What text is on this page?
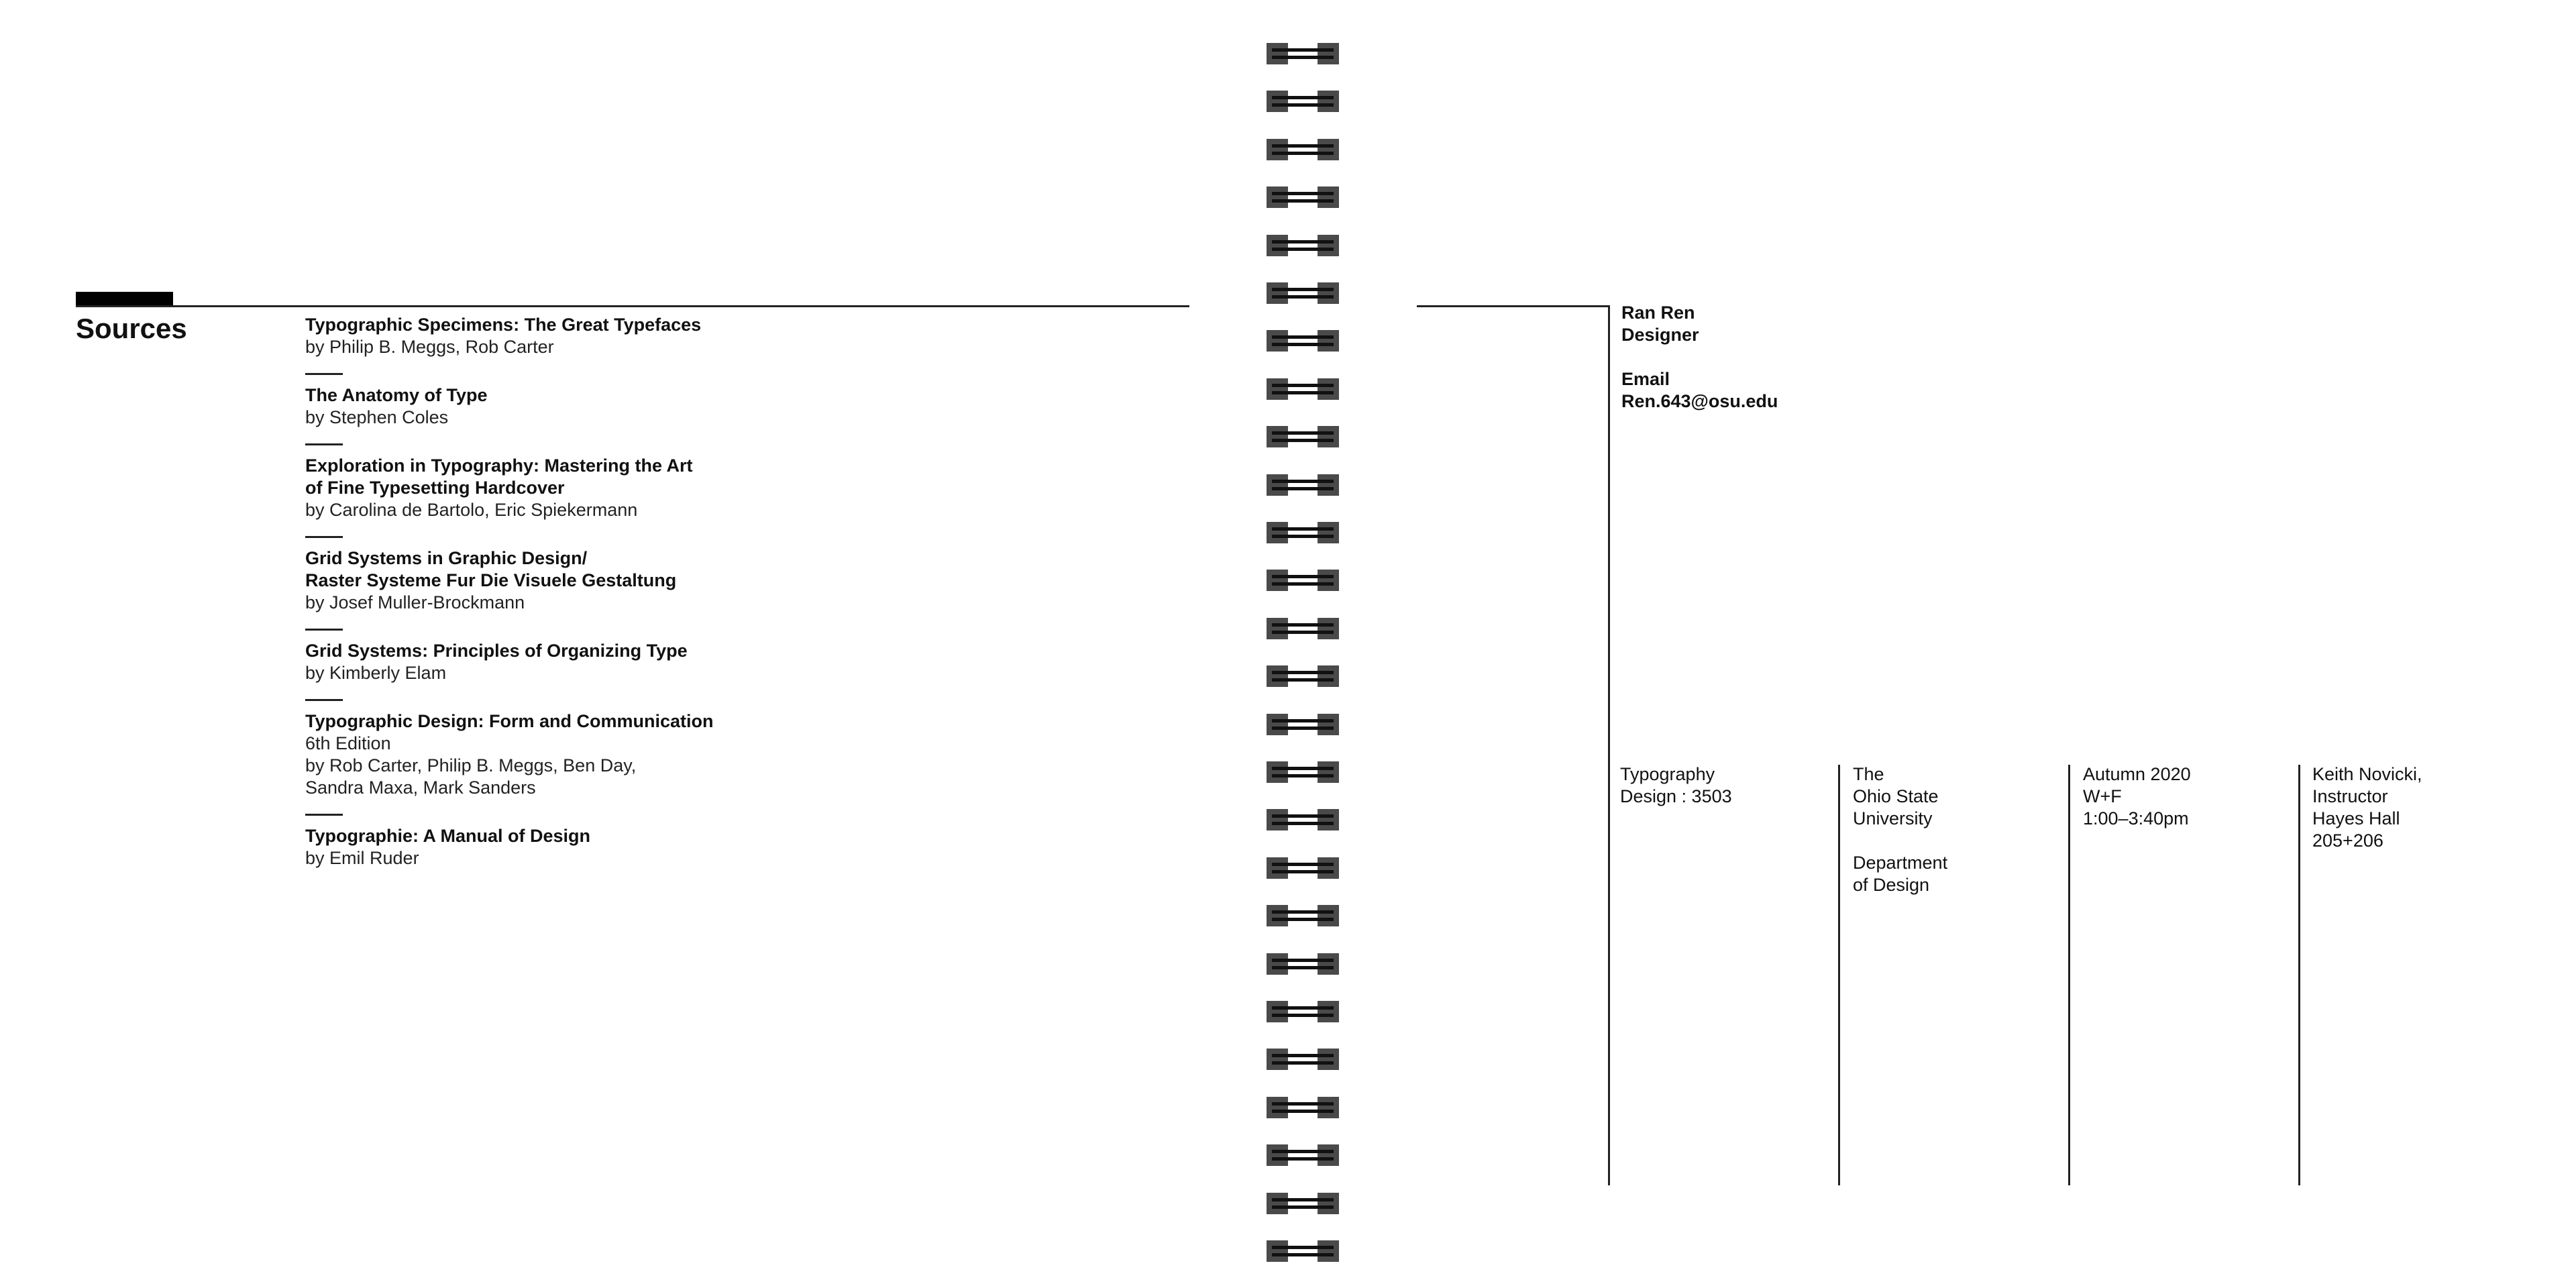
Sources	Typographic Specimens: The Great Typefaces
by Philip B. Meggs, Rob Carter
The Anatomy of Type
by Stephen Coles
Exploration in Typography: Mastering the Art
of Fine Typesetting Hardcover
by Carolina de Bartolo, Eric Spiekermann
Grid Systems in Graphic Design/
Raster Systeme Fur Die Visuele Gestaltung
by Josef Muller-Brockmann
Grid Systems: Principles of Organizing Type
by Kimberly Elam
Typographic Design: Form and Communication
6th Edition
by Rob Carter, Philip B. Meggs, Ben Day,
Sandra Maxa, Mark Sanders
Typographie: A Manual of Design
by Emil Ruder
Ran Ren
Designer
Email
Ren.643@osu.edu
Typography
Design : 3503
The
Ohio State
University
Department
of Design
Autumn 2020
W+F
1:00–3:40pm
Keith Novicki,
Instructor
Hayes Hall
205+206
